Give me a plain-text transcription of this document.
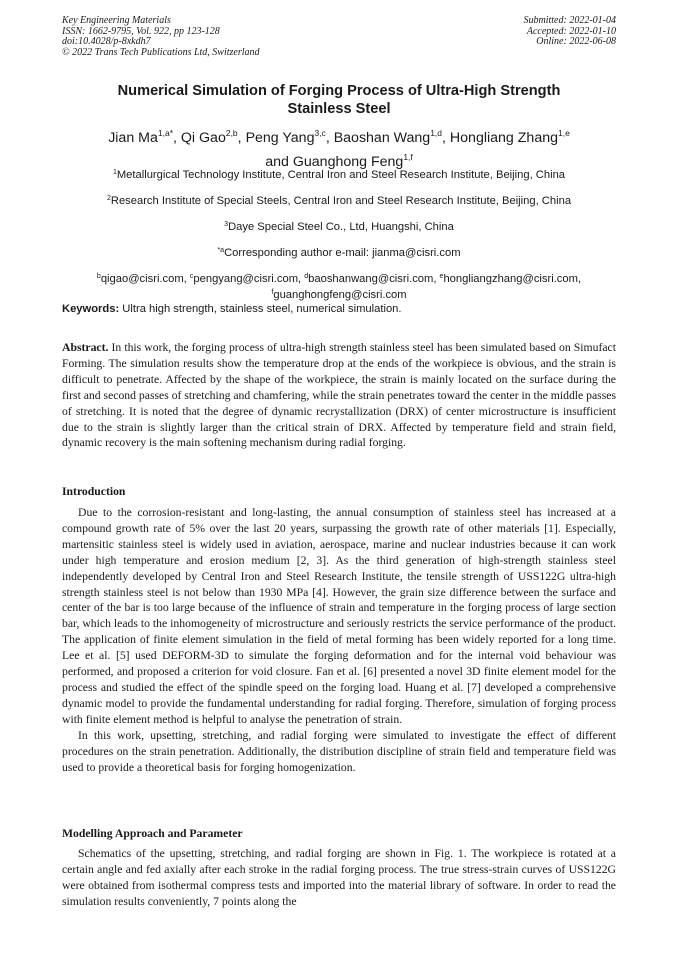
Key Engineering Materials
ISSN: 1662-9795, Vol. 922, pp 123-128
doi:10.4028/p-8xkdh7
© 2022 Trans Tech Publications Ltd, Switzerland
Submitted: 2022-01-04
Accepted: 2022-01-10
Online: 2022-06-08
Numerical Simulation of Forging Process of Ultra-High Strength
Stainless Steel
Jian $Ma^{1,a*}$, Qi Gao$^{2,b}$, Peng Yang$^{3,c}$, Baoshan Wang$^{1,d}$, Hongliang Zhang$^{1,e}$
and Guanghong Feng$^{1,f}$
$^1$Metallurgical Technology Institute, Central Iron and Steel Research Institute, Beijing, China
$^2$Research Institute of Special Steels, Central Iron and Steel Research Institute, Beijing, China
$^3$Daye Special Steel Co., Ltd, Huangshi, China
$^{*a}$Corresponding author e-mail: jianma@cisri.com
$^b$qigao@cisri.com, $^c$pengyang@cisri.com, $^d$baoshanwang@cisri.com, $^e$hongliangzhang@cisri.com,
$^f$guanghongfeng@cisri.com
Keywords: Ultra high strength, stainless steel, numerical simulation.
Abstract. In this work, the forging process of ultra-high strength stainless steel has been simulated based on Simufact Forming. The simulation results show the temperature drop at the ends of the workpiece is obvious, and the strain is difficult to penetrate. Affected by the shape of the workpiece, the strain is mainly located on the surface during the first and second passes of stretching and chamfering, while the strain penetrates toward the center in the middle passes of stretching. It is noted that the degree of dynamic recrystallization (DRX) of center microstructure is insufficient due to the strain is slightly larger than the critical strain of DRX. Affected by temperature field and strain field, dynamic recovery is the main softening mechanism during radial forging.
Introduction

Due to the corrosion-resistant and long-lasting, the annual consumption of stainless steel has increased at a compound growth rate of 5% over the last 20 years, surpassing the growth rate of other materials [1]. Especially, martensitic stainless steel is widely used in aviation, aerospace, marine and nuclear industries because it can work under high temperature and erosion medium [2, 3]. As the third generation of high-strength stainless steel independently developed by Central Iron and Steel Research Institute, the tensile strength of USS122G ultra-high strength stainless steel is not below than 1930 MPa [4]. However, the grain size difference between the surface and center of the bar is too large because of the influence of strain and temperature in the forging process of large section bar, which leads to the inhomogeneity of microstructure and seriously restricts the service performance of the product. The application of finite element simulation in the field of metal forming has been widely reported for a long time. Lee et al. [5] used DEFORM-3D to simulate the forging deformation and for the internal void behaviour was performed, and proposed a criterion for void closure. Fan et al. [6] presented a novel 3D finite element model for the process and studied the effect of the spindle speed on the forging load. Huang et al. [7] developed a comprehensive dynamic model to provide the fundamental understanding for radial forging. Therefore, simulation of forging process with finite element method is helpful to analyse the penetration of strain.

In this work, upsetting, stretching, and radial forging were simulated to investigate the effect of different procedures on the strain penetration. Additionally, the distribution discipline of strain field and temperature field was used to provide a theoretical basis for forging homogenization.

Modelling Approach and Parameter

Schematics of the upsetting, stretching, and radial forging are shown in Fig. 1. The workpiece is rotated at a certain angle and fed axially after each stroke in the radial forging process. The true stress-strain curves of USS122G were obtained from isothermal compress tests and imported into the material library of software. In order to read the simulation results conveniently, 7 points along the
